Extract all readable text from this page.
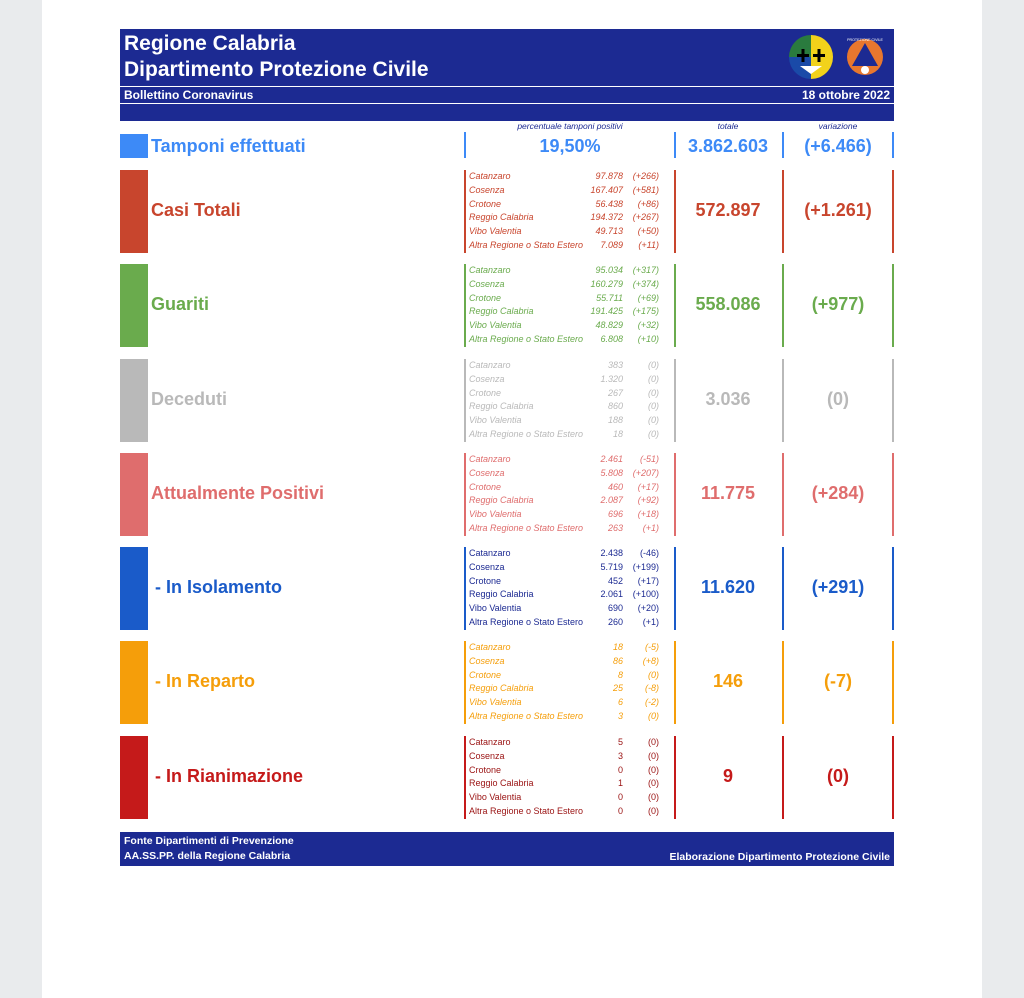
Regione Calabria
Dipartimento Protezione Civile
Bollettino Coronavirus	18 ottobre 2022
PROTEZIONE CIVILE
percentuale tamponi positivi	totale	variazione
Tamponi effettuati	19,50%	3.862.603	(+6.466)
Casi Totali
Catanzaro	97.878 (+266)
Cosenza	167.407 (+581)
Crotone	56.438 (+86)
Reggio Calabria	194.372 (+267)
Vibo Valentia	49.713 (+50)
Altra Regione o Stato Estero 7.089 (+11)
572.897	(+1.261)
Guariti
Catanzaro	95.034 (+317)
Cosenza	160.279 (+374)
Crotone	55.711 (+69)
Reggio Calabria	191.425 (+175)
Vibo Valentia	48.829 (+32)
Altra Regione o Stato Estero 6.808 (+10)
558.086	(+977)
Deceduti
Catanzaro	383	(0)
Cosenza	1.320	(0)
Crotone	267	(0)
Reggio Calabria	860	(0)
Vibo Valentia	188	(0)
Altra Regione o Stato Estero	18	(0)
3.036	(0)
Attualmente Positivi
Catanzaro	2.461 (-51)
Cosenza	5.808 (+207)
Crotone	460 (+17)
Reggio Calabria	2.087 (+92)
Vibo Valentia	696 (+18)
Altra Regione o Stato Estero	263 (+1)
11.775	(+284)
- In Isolamento
Catanzaro	2.438 (-46)
Cosenza	5.719 (+199)
Crotone	452 (+17)
Reggio Calabria	2.061 (+100)
Vibo Valentia	690 (+20)
Altra Regione o Stato Estero	260 (+1)
11.620	(+291)
- In Reparto
Catanzaro	18 (-5)
Cosenza	86 (+8)
Crotone	8	(0)
Reggio Calabria	25 (-8)
Vibo Valentia	6 (-2)
Altra Regione o Stato Estero	3	(0)
146	(-7)
- In Rianimazione
Catanzaro	5	(0)
Cosenza	3	(0)
Crotone	0	(0)
Reggio Calabria	1	(0)
Vibo Valentia	0	(0)
Altra Regione o Stato Estero	0	(0)
9	(0)
Fonte Dipartimenti di Prevenzione
AA.SS.PP. della Regione Calabria	Elaborazione Dipartimento Protezione Civile
